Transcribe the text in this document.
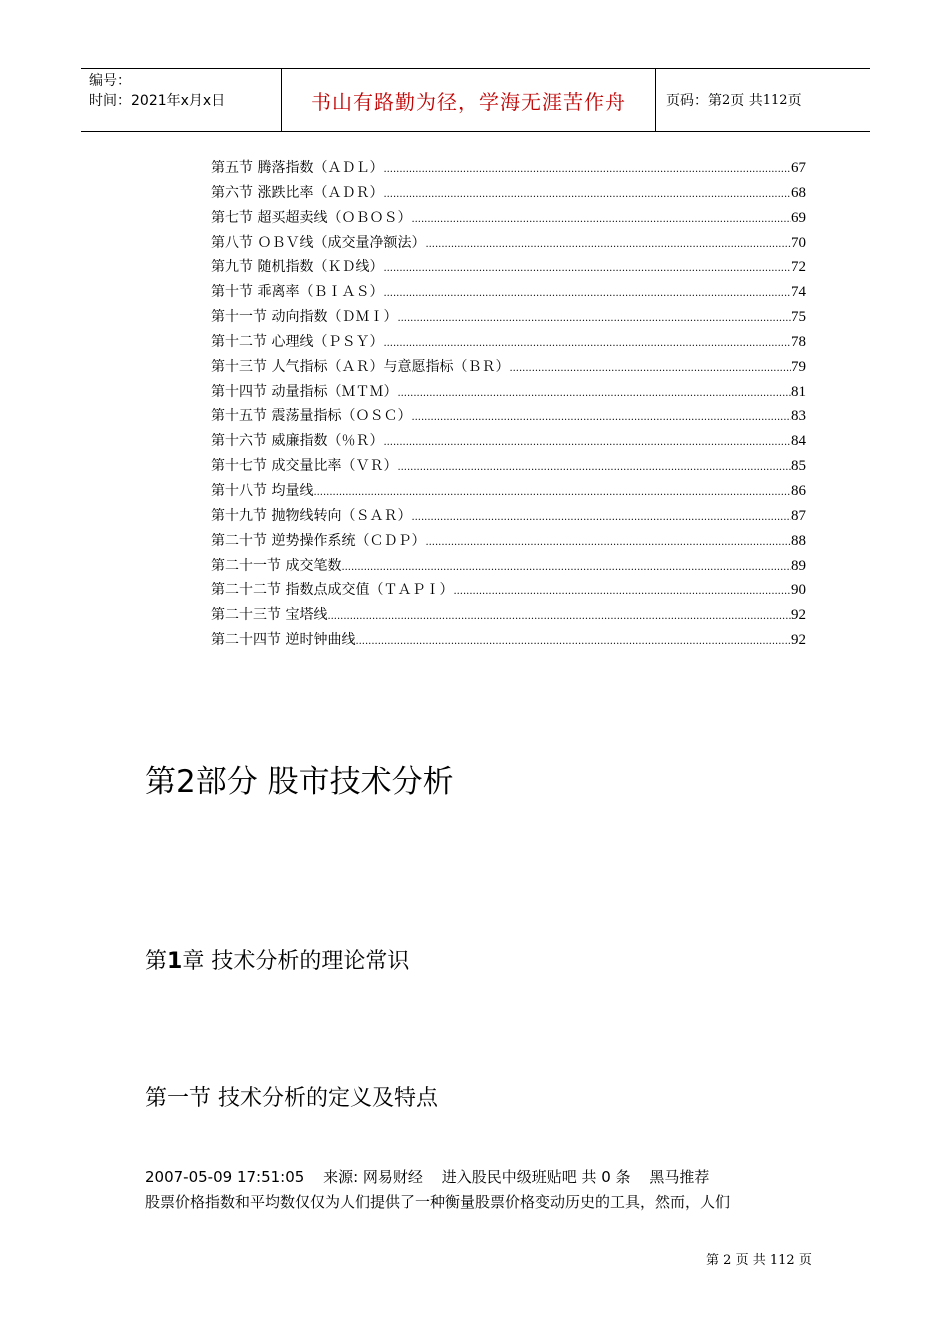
编号：
时间：2021年x月x日	书山有路勤为径，学海无涯苦作舟	页码：第 2 页 共 112 页
第五节 腾落指数（ＡＤＬ） .....	67
第六节 涨跌比率（ＡＤＲ） .....	68
第七节 超买超卖线（ＯＢＯＳ） .....	69
第八节 ＯＢＶ线（成交量净额法） .....	70
第九节 随机指数（ＫＤ线） .....	72
第十节 乖离率（ＢＩＡＳ） .....	74
第十一节 动向指数（ＤＭＩ） .....	75
第十二节 心理线（ＰＳＹ） .....	78
第十三节 人气指标（ＡＲ）与意愿指标（ＢＲ） .....	79
第十四节 动量指标（ＭＴＭ） .....	81
第十五节 震荡量指标（ＯＳＣ） .....	83
第十六节 威廉指数（％Ｒ） .....	84
第十七节 成交量比率（ＶＲ） .....	85
第十八节 均量线 .....	86
第十九节 抛物线转向（ＳＡＲ） .....	87
第二十节 逆势操作系统（ＣＤＰ） .....	88
第二十一节 成交笔数 .....	89
第二十二节 指数点成交值（ＴＡＰＩ） .....	90
第二十三节 宝塔线 .....	92
第二十四节 逆时钟曲线 .....	92
第2部分 股市技术分析
第1章 技术分析的理论常识
第一节 技术分析的定义及特点
2007-05-09 17:51:05 来源: 网易财经 进入股民中级班贴吧 共 0 条 黑马推荐
股票价格指数和平均数仅仅为人们提供了一种衡量股票价格变动历史的工具，然而，人们
第 2 页 共 112 页
